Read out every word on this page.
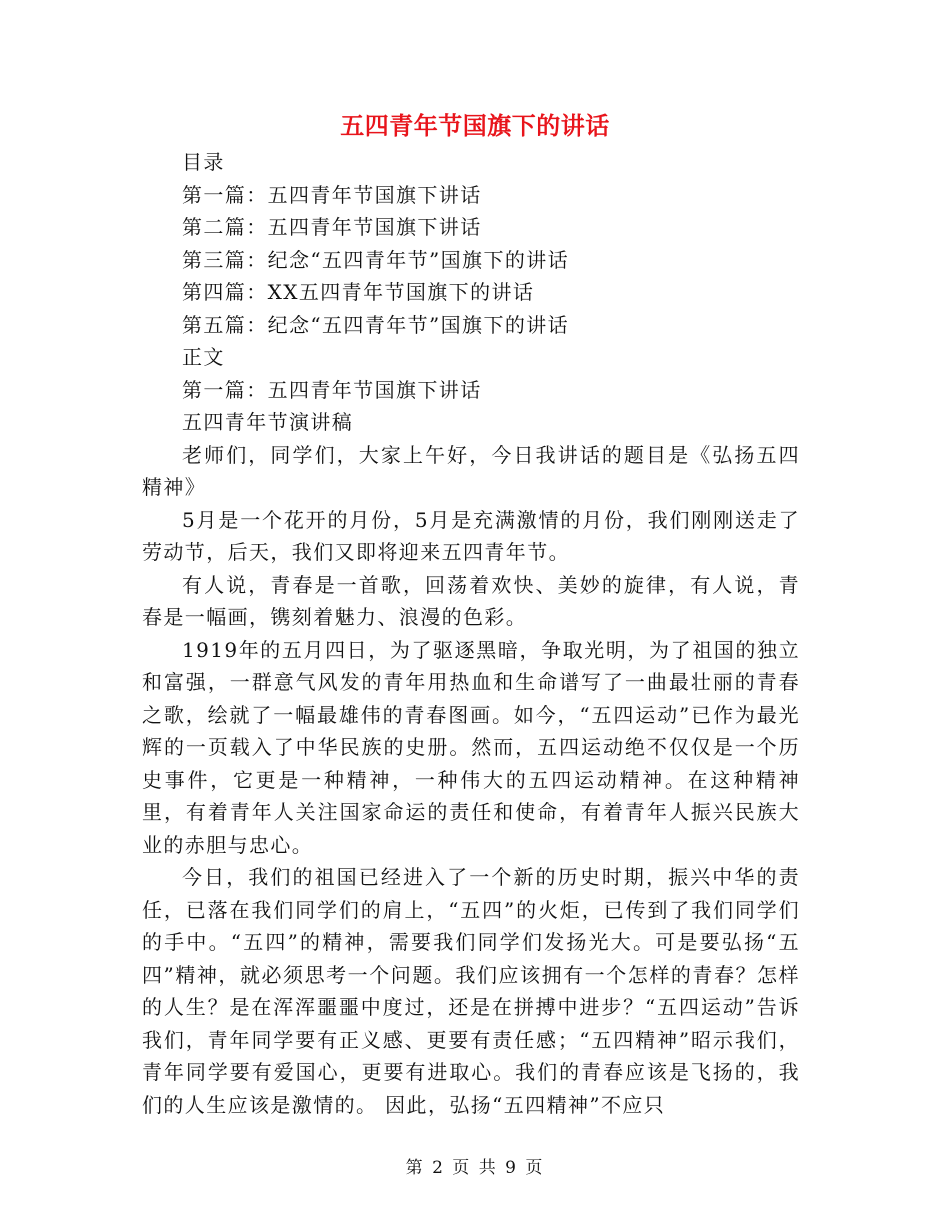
五四青年节国旗下的讲话

目录

第一篇：五四青年节国旗下讲话

第二篇：五四青年节国旗下讲话

第三篇：纪念“五四青年节”国旗下的讲话

第四篇：XX五四青年节国旗下的讲话

第五篇：纪念“五四青年节”国旗下的讲话

正文

第一篇：五四青年节国旗下讲话

五四青年节演讲稿

老师们，同学们，大家上午好，今日我讲话的题目是《弘扬五四精神》

5月是一个花开的月份，5月是充满激情的月份，我们刚刚送走了劳动节，后天，我们又即将迎来五四青年节。

有人说，青春是一首歌，回荡着欢快、美妙的旋律，有人说，青春是一幅画，镌刻着魅力、浪漫的色彩。

1919年的五月四日，为了驱逐黑暗，争取光明，为了祖国的独立和富强，一群意气风发的青年用热血和生命谱写了一曲最壮丽的青春之歌，绘就了一幅最雄伟的青春图画。如今，“五四运动”已作为最光辉的一页载入了中华民族的史册。然而，五四运动绝不仅仅是一个历史事件，它更是一种精神，一种伟大的五四运动精神。在这种精神里，有着青年人关注国家命运的责任和使命，有着青年人振兴民族大业的赤胆与忠心。

今日，我们的祖国已经进入了一个新的历史时期，振兴中华的责任，已落在我们同学们的肩上，“五四”的火炬，已传到了我们同学们的手中。“五四”的精神，需要我们同学们发扬光大。可是要弘扬“五四”精神，就必须思考一个问题。我们应该拥有一个怎样的青春？怎样的人生？是在浑浑噩噩中度过，还是在拼搏中进步？“五四运动”告诉我们，青年同学要有正义感、更要有责任感；“五四精神”昭示我们，青年同学要有爱国心，更要有进取心。我们的青春应该是飞扬的，我们的人生应该是激情的。 因此，弘扬“五四精神”不应只

第 2 页 共 9 页
